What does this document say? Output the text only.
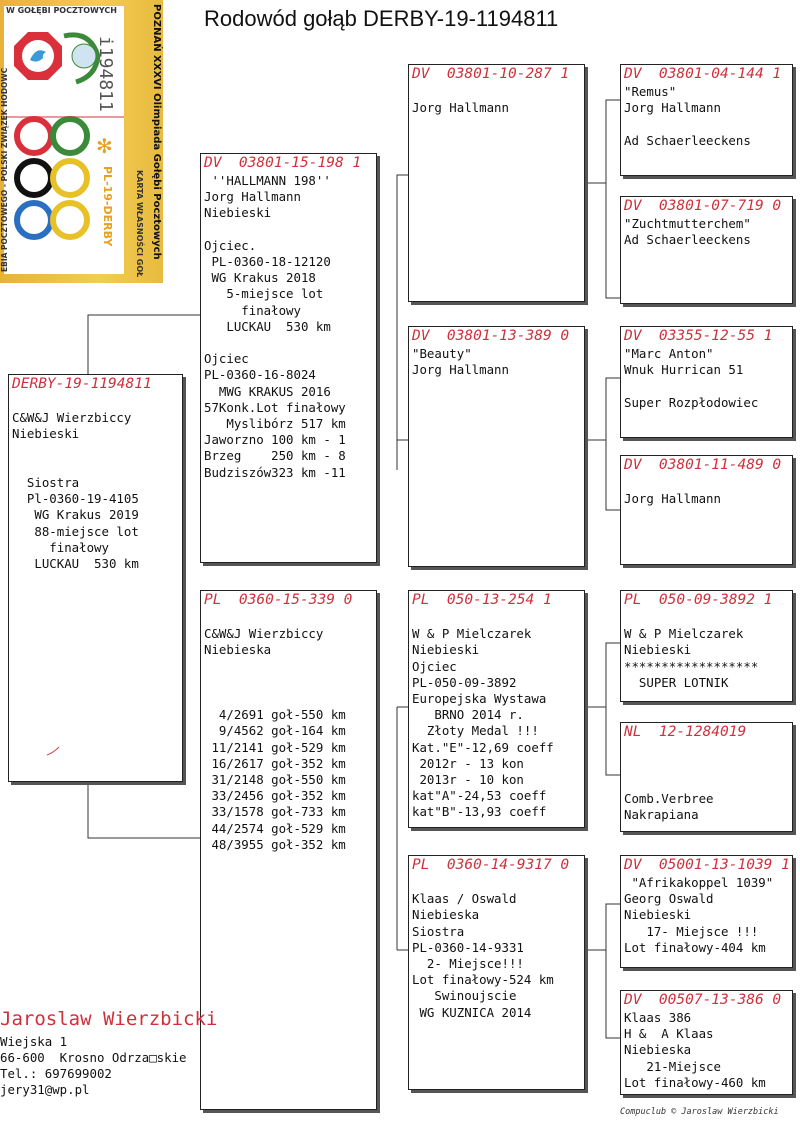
Rodowód gołąb DERBY-19-1194811
W GOŁĘBI POCZTOWYCH
i194811
✻
PL-19-DERBY
EBIA POCZTOWEGO - POLSKI ZWIĄZEK HODOWC	POZNAŃ XXXVI Olimpiada Gołębi Pocztowych
KARTA WŁASNOŚCI GOŁ
DERBY-19-1194811
C&W&J Wierzbiccy
Niebieski
Siostra
Pl-0360-19-4105
WG Krakus 2019
88-miejsce lot
finałowy
LUCKAU  530 km
DV  03801-15-198 1
''HALLMANN 198''
Jorg Hallmann
Niebieski
Ojciec.
PL-0360-18-12120
WG Krakus 2018
5-miejsce lot
finałowy
LUCKAU  530 km
Ojciec
PL-0360-16-8024
MWG KRAKUS 2016
57Konk.Lot finałowy
Myslibórz 517 km
Jaworzno 100 km - 1
Brzeg    250 km - 8
Budziszów323 km -11
PL  0360-15-339 0
C&W&J Wierzbiccy
Niebieska
4/2691 goł-550 km
9/4562 goł-164 km
11/2141 goł-529 km
16/2617 goł-352 km
31/2148 goł-550 km
33/2456 goł-352 km
33/1578 goł-733 km
44/2574 goł-529 km
48/3955 goł-352 km
DV  03801-10-287 1
Jorg Hallmann
DV  03801-13-389 0
"Beauty"
Jorg Hallmann
PL  050-13-254 1
W & P Mielczarek
Niebieski
Ojciec
PL-050-09-3892
Europejska Wystawa
BRNO 2014 r.
Złoty Medal !!!
Kat."E"-12,69 coeff
2012r - 13 kon
2013r - 10 kon
kat"A"-24,53 coeff
kat"B"-13,93 coeff
PL  0360-14-9317 0
Klaas / Oswald
Niebieska
Siostra
PL-0360-14-9331
2- Miejsce!!!
Lot finałowy-524 km
Swinoujscie
WG KUZNICA 2014
DV  03801-04-144 1
"Remus"
Jorg Hallmann
Ad Schaerleeckens
DV  03801-07-719 0
"Zuchtmutterchem"
Ad Schaerleeckens
DV  03355-12-55 1
"Marc Anton"
Wnuk Hurrican 51
Super Rozpłodowiec
DV  03801-11-489 0
Jorg Hallmann
PL  050-09-3892 1
W & P Mielczarek
Niebieski
******************
SUPER LOTNIK
NL  12-1284019
Comb.Verbree
Nakrapiana
DV  05001-13-1039 1
"Afrikakoppel 1039"
Georg Oswald
Niebieski
17- Miejsce !!!
Lot finałowy-404 km
DV  00507-13-386 0
Klaas 386
H &  A Klaas
Niebieska
21-Miejsce
Lot finałowy-460 km
Jaroslaw Wierzbicki
Wiejska 1
66-600  Krosno Odrza□skie
Tel.: 697699002
jery31@wp.pl
Compuclub © Jaroslaw Wierzbicki
